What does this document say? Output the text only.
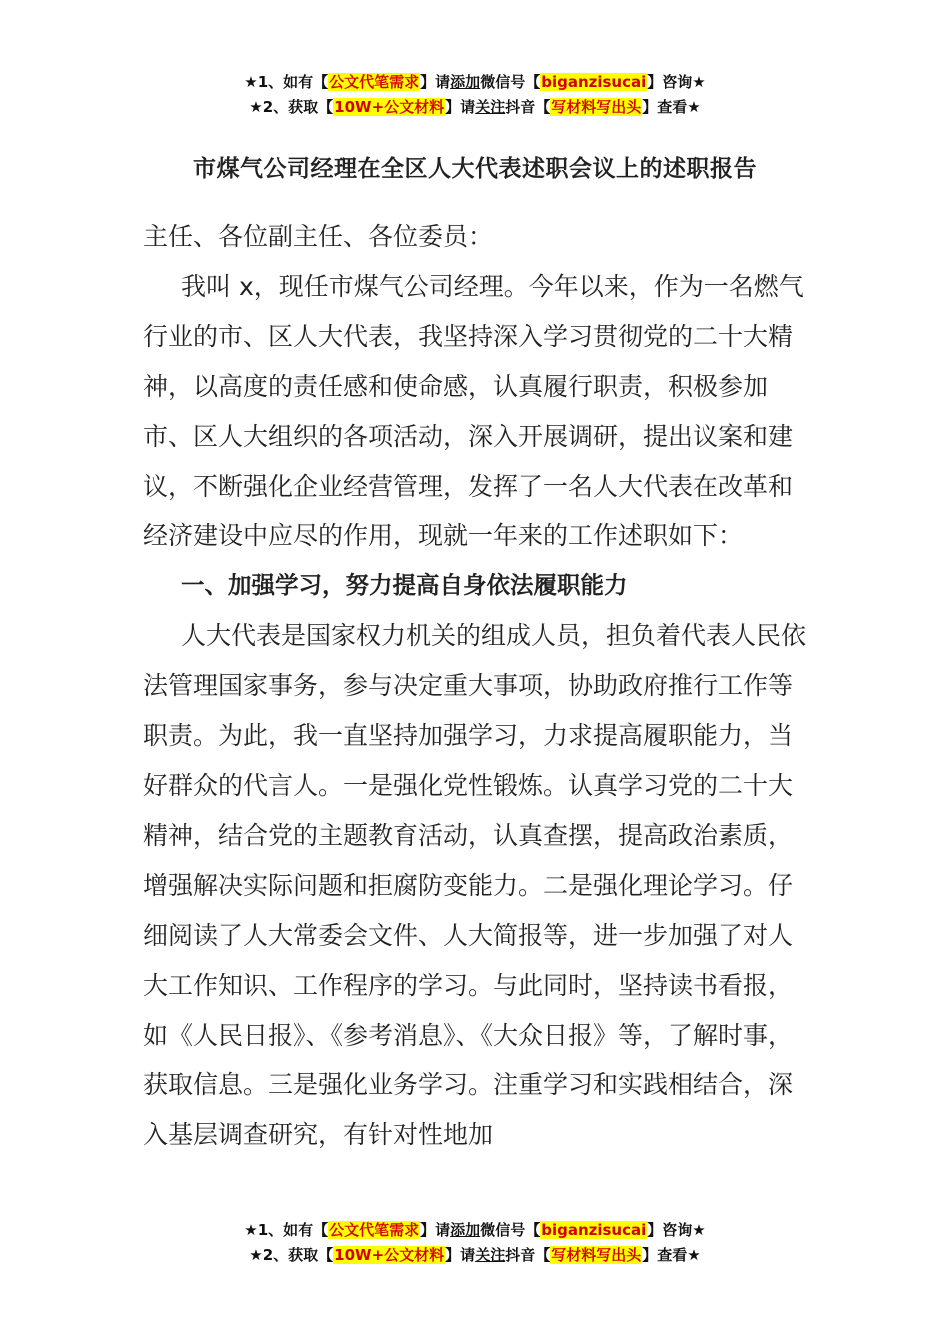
★1、如有【公文代笔需求】请添加微信号【biganzisucai】咨询★
★2、获取【10W+公文材料】请关注抖音【写材料写出头】查看★
市煤气公司经理在全区人大代表述职会议上的述职报告

主任、各位副主任、各位委员：

我叫 x，现任市煤气公司经理。今年以来，作为一名燃气行业的市、区人大代表，我坚持深入学习贯彻党的二十大精神，以高度的责任感和使命感，认真履行职责，积极参加市、区人大组织的各项活动，深入开展调研，提出议案和建议，不断强化企业经营管理，发挥了一名人大代表在改革和经济建设中应尽的作用，现就一年来的工作述职如下：

一、加强学习，努力提高自身依法履职能力

人大代表是国家权力机关的组成人员，担负着代表人民依法管理国家事务，参与决定重大事项，协助政府推行工作等职责。为此，我一直坚持加强学习，力求提高履职能力，当好群众的代言人。一是强化党性锻炼。认真学习党的二十大精神，结合党的主题教育活动，认真查摆，提高政治素质，增强解决实际问题和拒腐防变能力。二是强化理论学习。仔细阅读了人大常委会文件、人大简报等，进一步加强了对人大工作知识、工作程序的学习。与此同时，坚持读书看报，如《人民日报》、《参考消息》、《大众日报》等，了解时事，获取信息。三是强化业务学习。注重学习和实践相结合，深入基层调查研究，有针对性地加

★1、如有【公文代笔需求】请添加微信号【biganzisucai】咨询★
★2、获取【10W+公文材料】请关注抖音【写材料写出头】查看★
